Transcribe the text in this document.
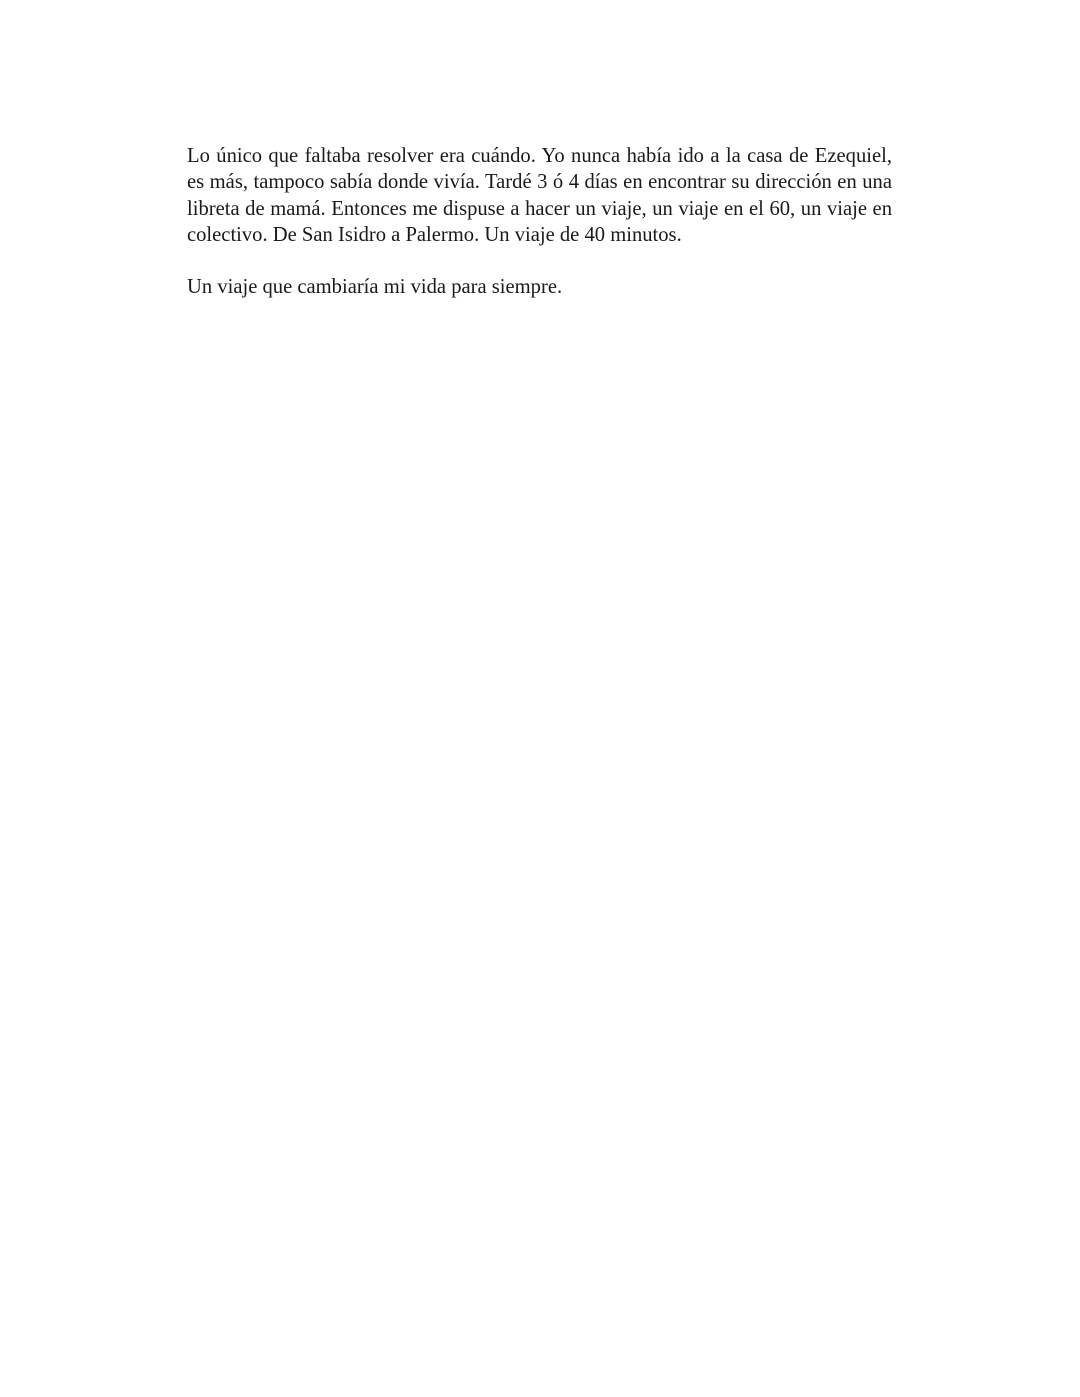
Lo único que faltaba resolver era cuándo. Yo nunca había ido a la casa de Ezequiel, es más, tampoco sabía donde vivía. Tardé 3 ó 4 días en encontrar su dirección en una libreta de mamá. Entonces me dispuse a hacer un viaje, un viaje en el 60, un viaje en colectivo. De San Isidro a Palermo. Un viaje de 40 minutos.

Un viaje que cambiaría mi vida para siempre.
